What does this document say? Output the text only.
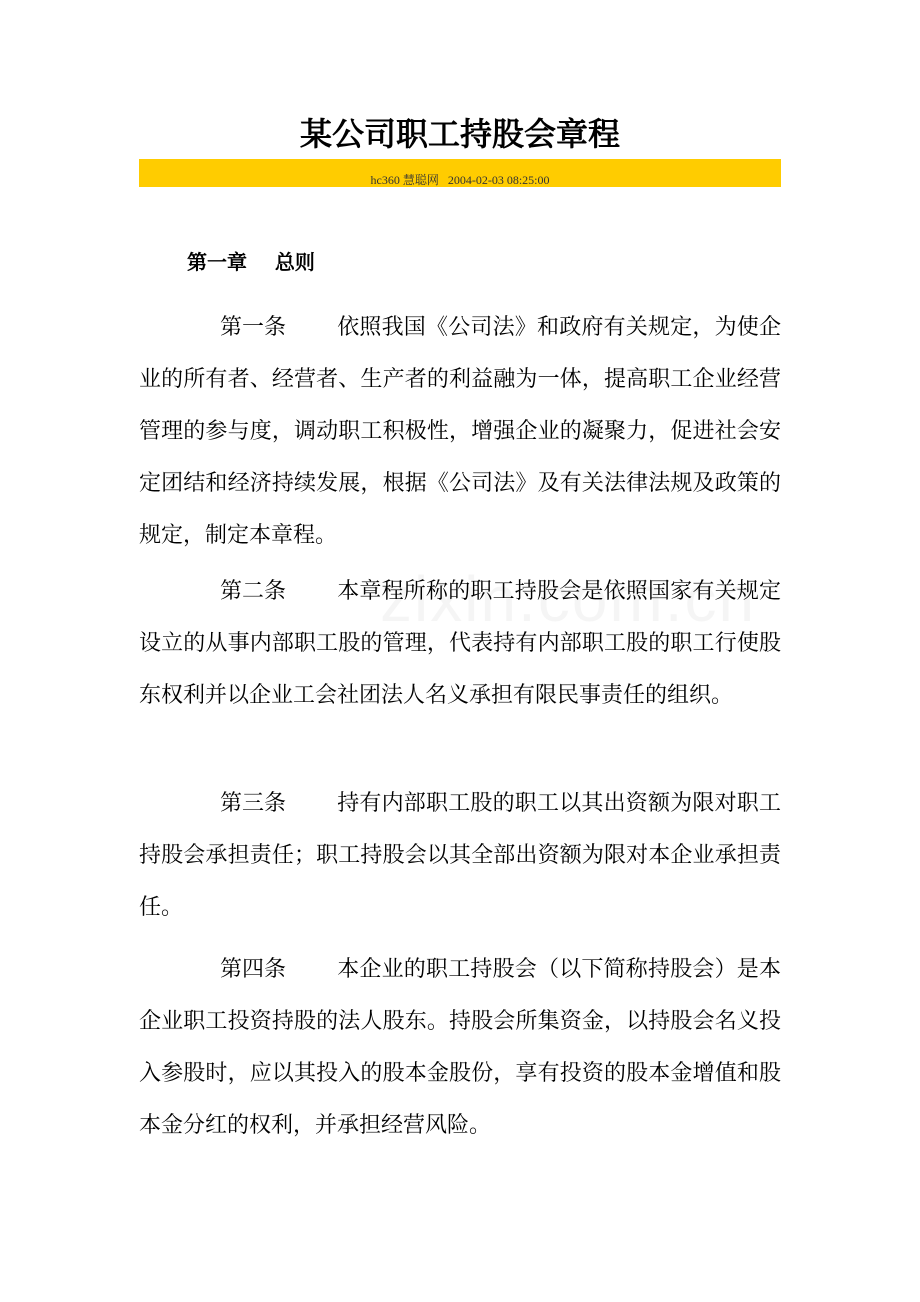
某公司职工持股会章程
hc360 慧聪网 2004-02-03 08:25:00
第一章 总则

第一条 依照我国《公司法》和政府有关规定，为使企业的所有者、经营者、生产者的利益融为一体，提高职工企业经营管理的参与度，调动职工积极性，增强企业的凝聚力，促进社会安定团结和经济持续发展，根据《公司法》及有关法律法规及政策的规定，制定本章程。

第二条 本章程所称的职工持股会是依照国家有关规定设立的从事内部职工股的管理，代表持有内部职工股的职工行使股东权利并以企业工会社团法人名义承担有限民事责任的组织。

第三条 持有内部职工股的职工以其出资额为限对职工持股会承担责任；职工持股会以其全部出资额为限对本企业承担责任。

第四条 本企业的职工持股会（以下简称持股会）是本企业职工投资持股的法人股东。持股会所集资金，以持股会名义投入参股时，应以其投入的股本金股份，享有投资的股本金增值和股本金分红的权利，并承担经营风险。
